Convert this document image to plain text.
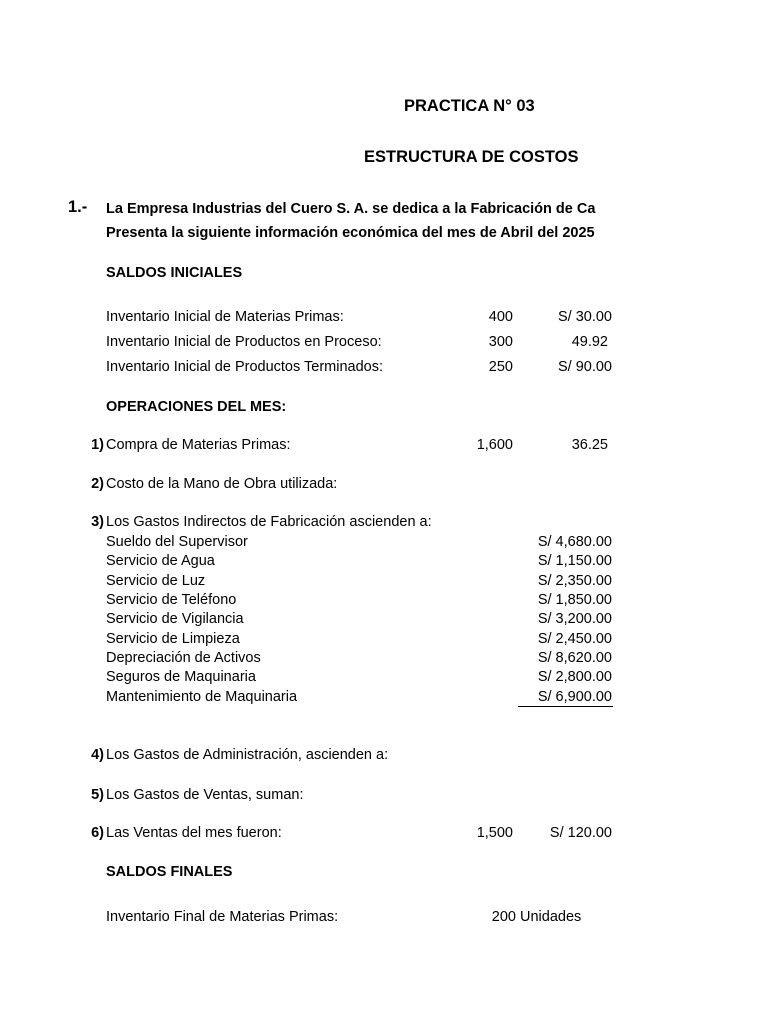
PRACTICA N° 03
ESTRUCTURA DE COSTOS
1.- La Empresa Industrias del Cuero S. A. se dedica a la Fabricación de Ca
Presenta la siguiente información económica del mes de Abril del 2025
SALDOS INICIALES
Inventario Inicial de Materias Primas:	400	S/ 30.00
Inventario Inicial de Productos en Proceso:	300	49.92
Inventario Inicial de Productos Terminados:	250	S/ 90.00
OPERACIONES DEL MES:
1) Compra de Materias Primas:	1,600	36.25
2) Costo de la Mano de Obra utilizada:
3) Los Gastos Indirectos de Fabricación ascienden a:
Sueldo del Supervisor	S/ 4,680.00
Servicio de Agua	S/ 1,150.00
Servicio de Luz	S/ 2,350.00
Servicio de Teléfono	S/ 1,850.00
Servicio de Vigilancia	S/ 3,200.00
Servicio de Limpieza	S/ 2,450.00
Depreciación de Activos	S/ 8,620.00
Seguros de Maquinaria	S/ 2,800.00
Mantenimiento de Maquinaria	S/ 6,900.00
4) Los Gastos de Administración, ascienden a:
5) Los Gastos de Ventas, suman:
6) Las Ventas del mes fueron:	1,500	S/ 120.00
SALDOS FINALES
Inventario Final de Materias Primas:	200 Unidades
